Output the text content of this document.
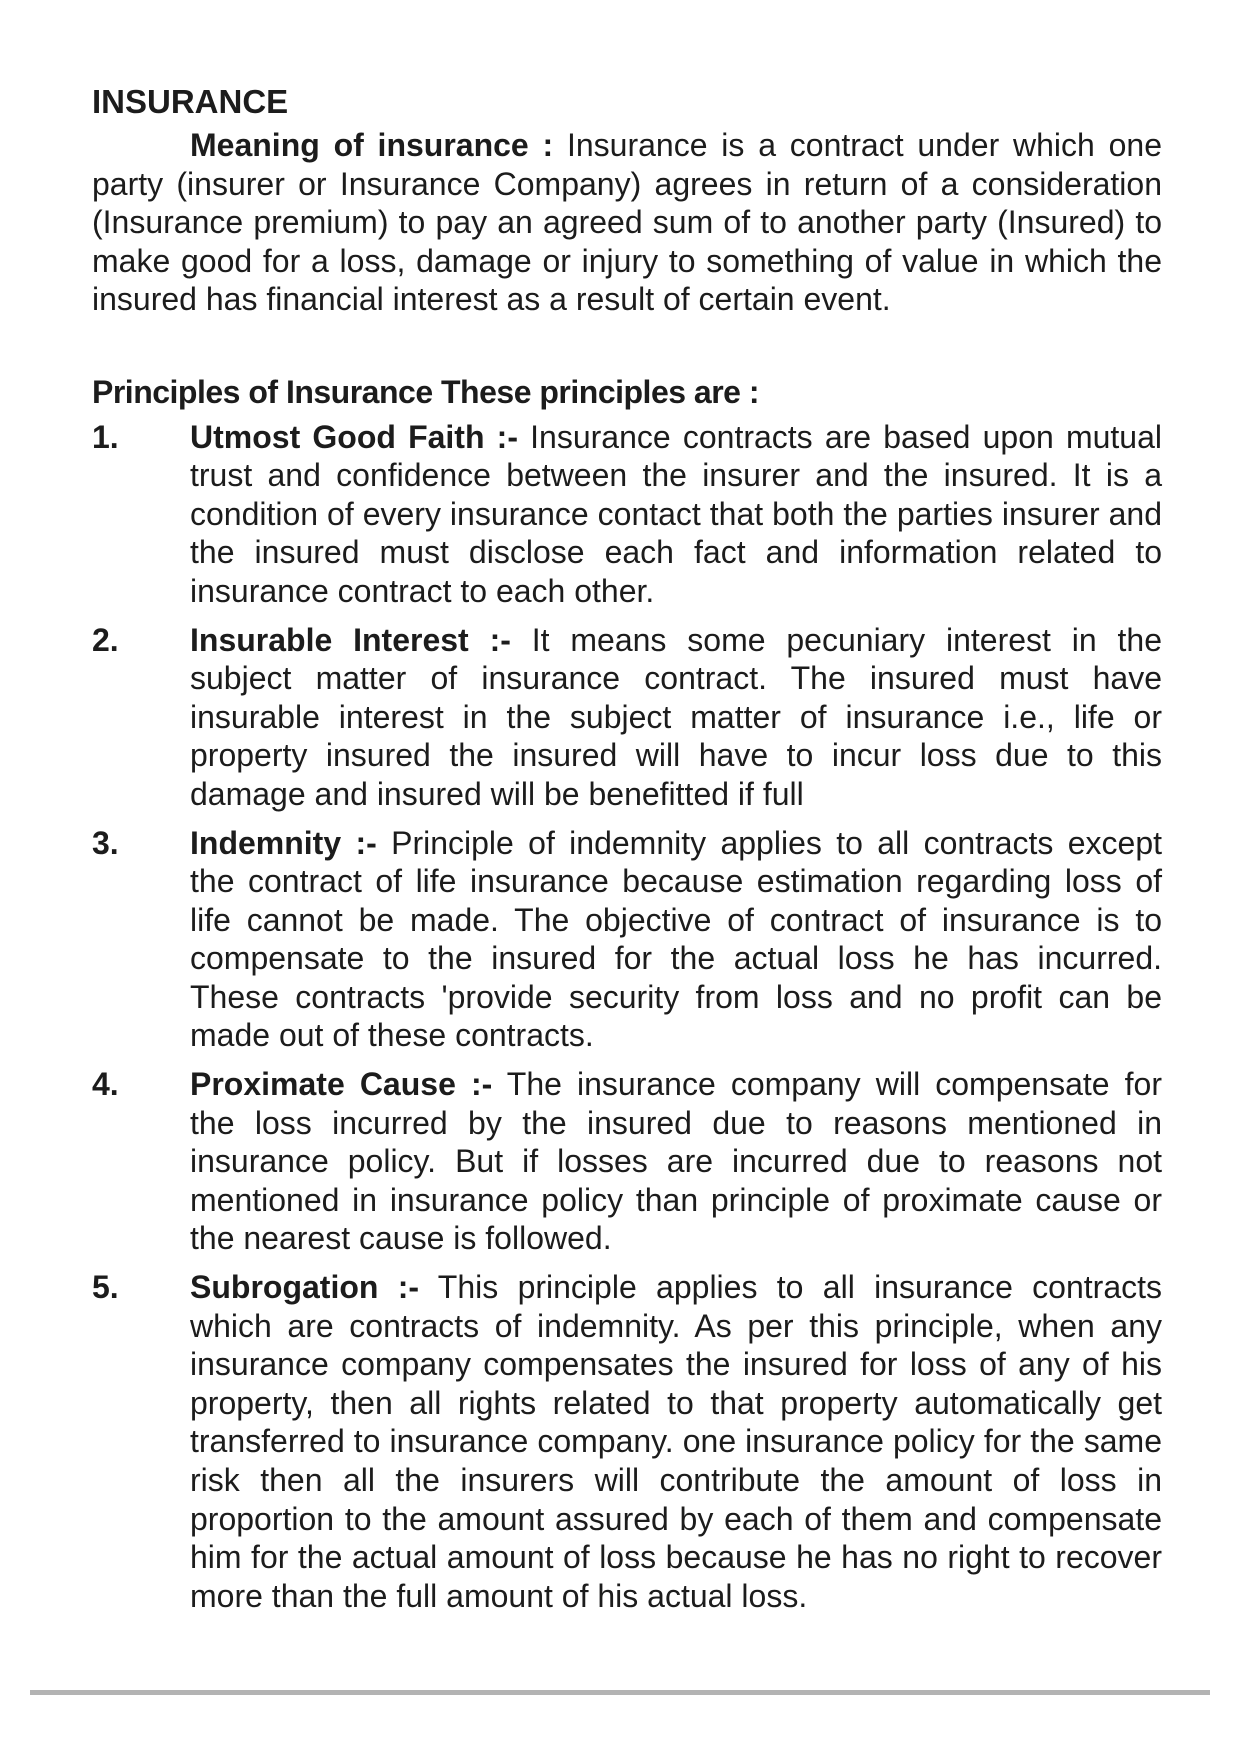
INSURANCE

Meaning of insurance : Insurance is a contract under which one party (insurer or Insurance Company) agrees in return of a consideration (Insurance premium) to pay an agreed sum of to another party (Insured) to make good for a loss, damage or injury to something of value in which the insured has financial interest as a result of certain event.

Principles of Insurance These principles are :
1.	Utmost Good Faith :- Insurance contracts are based upon mutual trust and confidence between the insurer and the insured. It is a condition of every insurance contact that both the parties insurer and the insured must disclose each fact and information related to insurance contract to each other.
2.	Insurable Interest :- It means some pecuniary interest in the subject matter of insurance contract. The insured must have insurable interest in the subject matter of insurance i.e., life or property insured the insured will have to incur loss due to this damage and insured will be benefitted if full
3.	Indemnity :- Principle of indemnity applies to all contracts except the contract of life insurance because estimation regarding loss of life cannot be made. The objective of contract of insurance is to compensate to the insured for the actual loss he has incurred. These contracts 'provide security from loss and no profit can be made out of these contracts.
4.	Proximate Cause :- The insurance company will compensate for the loss incurred by the insured due to reasons mentioned in insurance policy. But if losses are incurred due to reasons not mentioned in insurance policy than principle of proximate cause or the nearest cause is followed.
5.	Subrogation :- This principle applies to all insurance contracts which are contracts of indemnity. As per this principle, when any insurance company compensates the insured for loss of any of his property, then all rights related to that property automatically get transferred to insurance company. one insurance policy for the same risk then all the insurers will contribute the amount of loss in proportion to the amount assured by each of them and compensate him for the actual amount of loss because he has no right to recover more than the full amount of his actual loss.
